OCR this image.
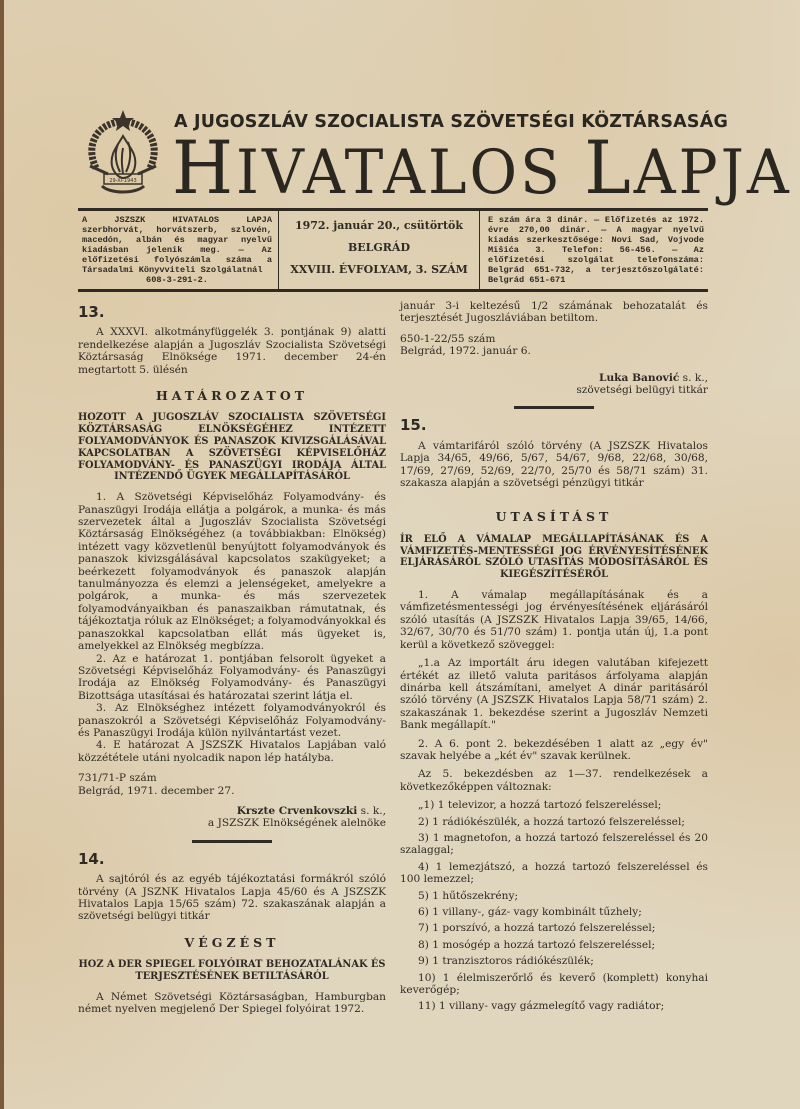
29-XI-1943
A JUGOSZLÁV SZOCIALISTA SZÖVETSÉGI KÖZTÁRSASÁG
HIVATALOS LAPJA
A JSZSZK HIVATALOS LAPJA szerbhorvát, horvátszerb, szlovén, macedón, albán és magyar nyelvű kiadásban jelenik meg. — Az előfizetési folyószámla száma a Társadalmi Könyvviteli Szolgálatnál
608-3-291-2.
1972. január 20., csütörtök
BELGRÁD
XXVIII. ÉVFOLYAM, 3. SZÁM
E szám ára 3 dinár. — Előfizetés az 1972. évre 270,00 dinár. — A magyar nyelvű kiadás szerkesztősége: Novi Sad, Vojvode Mišića 3. Telefon: 56-456. — Az előfizetési szolgálat telefonszáma: Belgrád 651-732, a terjesztőszolgálaté: Belgrád 651-671
13.

A XXXVI. alkotmányfüggelék 3. pontjának 9) alatti rendelkezése alapján a Jugoszláv Szocialista Szövetségi Köztársaság Elnöksége 1971. december 24-én megtartott 5. ülésén

HATÁROZATOT
HOZOTT A JUGOSZLÁV SZOCIALISTA SZÖVETSÉGI KÖZTÁRSASÁG ELNÖKSÉGÉHEZ INTÉZETT FOLYAMODVÁNYOK ÉS PANASZOK KIVIZSGÁLÁSÁVAL KAPCSOLATBAN A SZÖVETSÉGI KÉPVISELŐHÁZ FOLYAMODVÁNY- ÉS PANASZÜGYI IRODÁJA ÁLTAL INTÉZENDŐ ÜGYEK MEGÁLLAPÍTÁSÁRÓL

1. A Szövetségi Képviselőház Folyamodvány- és Panaszügyi Irodája ellátja a polgárok, a munka- és más szervezetek által a Jugoszláv Szocialista Szövetségi Köztársaság Elnökségéhez (a továbbiakban: Elnökség) intézett vagy közvetlenül benyújtott folyamodványok és panaszok kivizsgálásával kapcsolatos szakügyeket; a beérkezett folyamodványok és panaszok alapján tanulmányozza és elemzi a jelenségeket, amelyekre a polgárok, a munka- és más szervezetek folyamodványaikban és panaszaikban rámutatnak, és tájékoztatja róluk az Elnökséget; a folyamodványokkal és panaszokkal kapcsolatban ellát más ügyeket is, amelyekkel az Elnökség megbízza.

2. Az e határozat 1. pontjában felsorolt ügyeket a Szövetségi Képviselőház Folyamodvány- és Panaszügyi Irodája az Elnökség Folyamodvány- és Panaszügyi Bizottsága utasításai és határozatai szerint látja el.

3. Az Elnökséghez intézett folyamodványokról és panaszokról a Szövetségi Képviselőház Folyamodvány- és Panaszügyi Irodája külön nyilvántartást vezet.

4. E határozat A JSZSZK Hivatalos Lapjában való közzététele utáni nyolcadik napon lép hatályba.

731/71-P szám

Belgrád, 1971. december 27.

Krszte Crvenkovszki s. k.,
a JSZSZK Elnökségének alelnöke
14.

A sajtóról és az egyéb tájékoztatási formákról szóló törvény (A JSZNK Hivatalos Lapja 45/60 és A JSZSZK Hivatalos Lapja 15/65 szám) 72. szakaszának alapján a szövetségi belügyi titkár

VÉGZÉST
HOZ A DER SPIEGEL FOLYÓIRAT BEHOZATALÁNAK ÉS TERJESZTÉSÉNEK BETILTÁSÁRÓL

A Német Szövetségi Köztársaságban, Hamburgban német nyelven megjelenő Der Spiegel folyóirat 1972.

január 3-i keltezésű 1/2 számának behozatalát és terjesztését Jugoszláviában betiltom.

650-1-22/55 szám

Belgrád, 1972. január 6.

Luka Banović s. k.,
szövetségi belügyi titkár
15.

A vámtarifáról szóló törvény (A JSZSZK Hivatalos Lapja 34/65, 49/66, 5/67, 54/67, 9/68, 22/68, 30/68, 17/69, 27/69, 52/69, 22/70, 25/70 és 58/71 szám) 31. szakasza alapján a szövetségi pénzügyi titkár

UTASÍTÁST
ÍR ELŐ A VÁMALAP MEGÁLLAPÍTÁSÁNAK ÉS A VÁMFIZETÉS-MENTESSÉGI JOG ÉRVÉNYESÍTÉSÉNEK ELJÁRÁSÁRÓL SZÓLÓ UTASÍTÁS MÓDOSÍTÁSÁRÓL ÉS KIEGÉSZÍTÉSÉRŐL

1. A vámalap megállapításának és a vámfizetésmentességi jog érvényesítésének eljárásáról szóló utasítás (A JSZSZK Hivatalos Lapja 39/65, 14/66, 32/67, 30/70 és 51/70 szám) 1. pontja után új, 1.a pont kerül a következő szöveggel:

„1.a Az importált áru idegen valutában kifejezett értékét az illető valuta paritásos árfolyama alapján dinárba kell átszámítani, amelyet A dinár paritásáról szóló törvény (A JSZSZK Hivatalos Lapja 58/71 szám) 2. szakaszának 1. bekezdése szerint a Jugoszláv Nemzeti Bank megállapít."

2. A 6. pont 2. bekezdésében 1 alatt az „egy év" szavak helyébe a „két év" szavak kerülnek.

Az 5. bekezdésben az 1—37. rendelkezések a következőképpen változnak:

„1) 1 televizor, a hozzá tartozó felszereléssel;

2) 1 rádiókészülék, a hozzá tartozó felszereléssel;

3) 1 magnetofon, a hozzá tartozó felszereléssel és 20 szalaggal;

4) 1 lemezjátszó, a hozzá tartozó felszereléssel és 100 lemezzel;

5) 1 hűtőszekrény;

6) 1 villany-, gáz- vagy kombinált tűzhely;

7) 1 porszívó, a hozzá tartozó felszereléssel;

8) 1 mosógép a hozzá tartozó felszereléssel;

9) 1 tranzisztoros rádiókészülék;

10) 1 élelmiszerőrlő és keverő (komplett) konyhai keverőgép;

11) 1 villany- vagy gázmelegítő vagy radiátor;
